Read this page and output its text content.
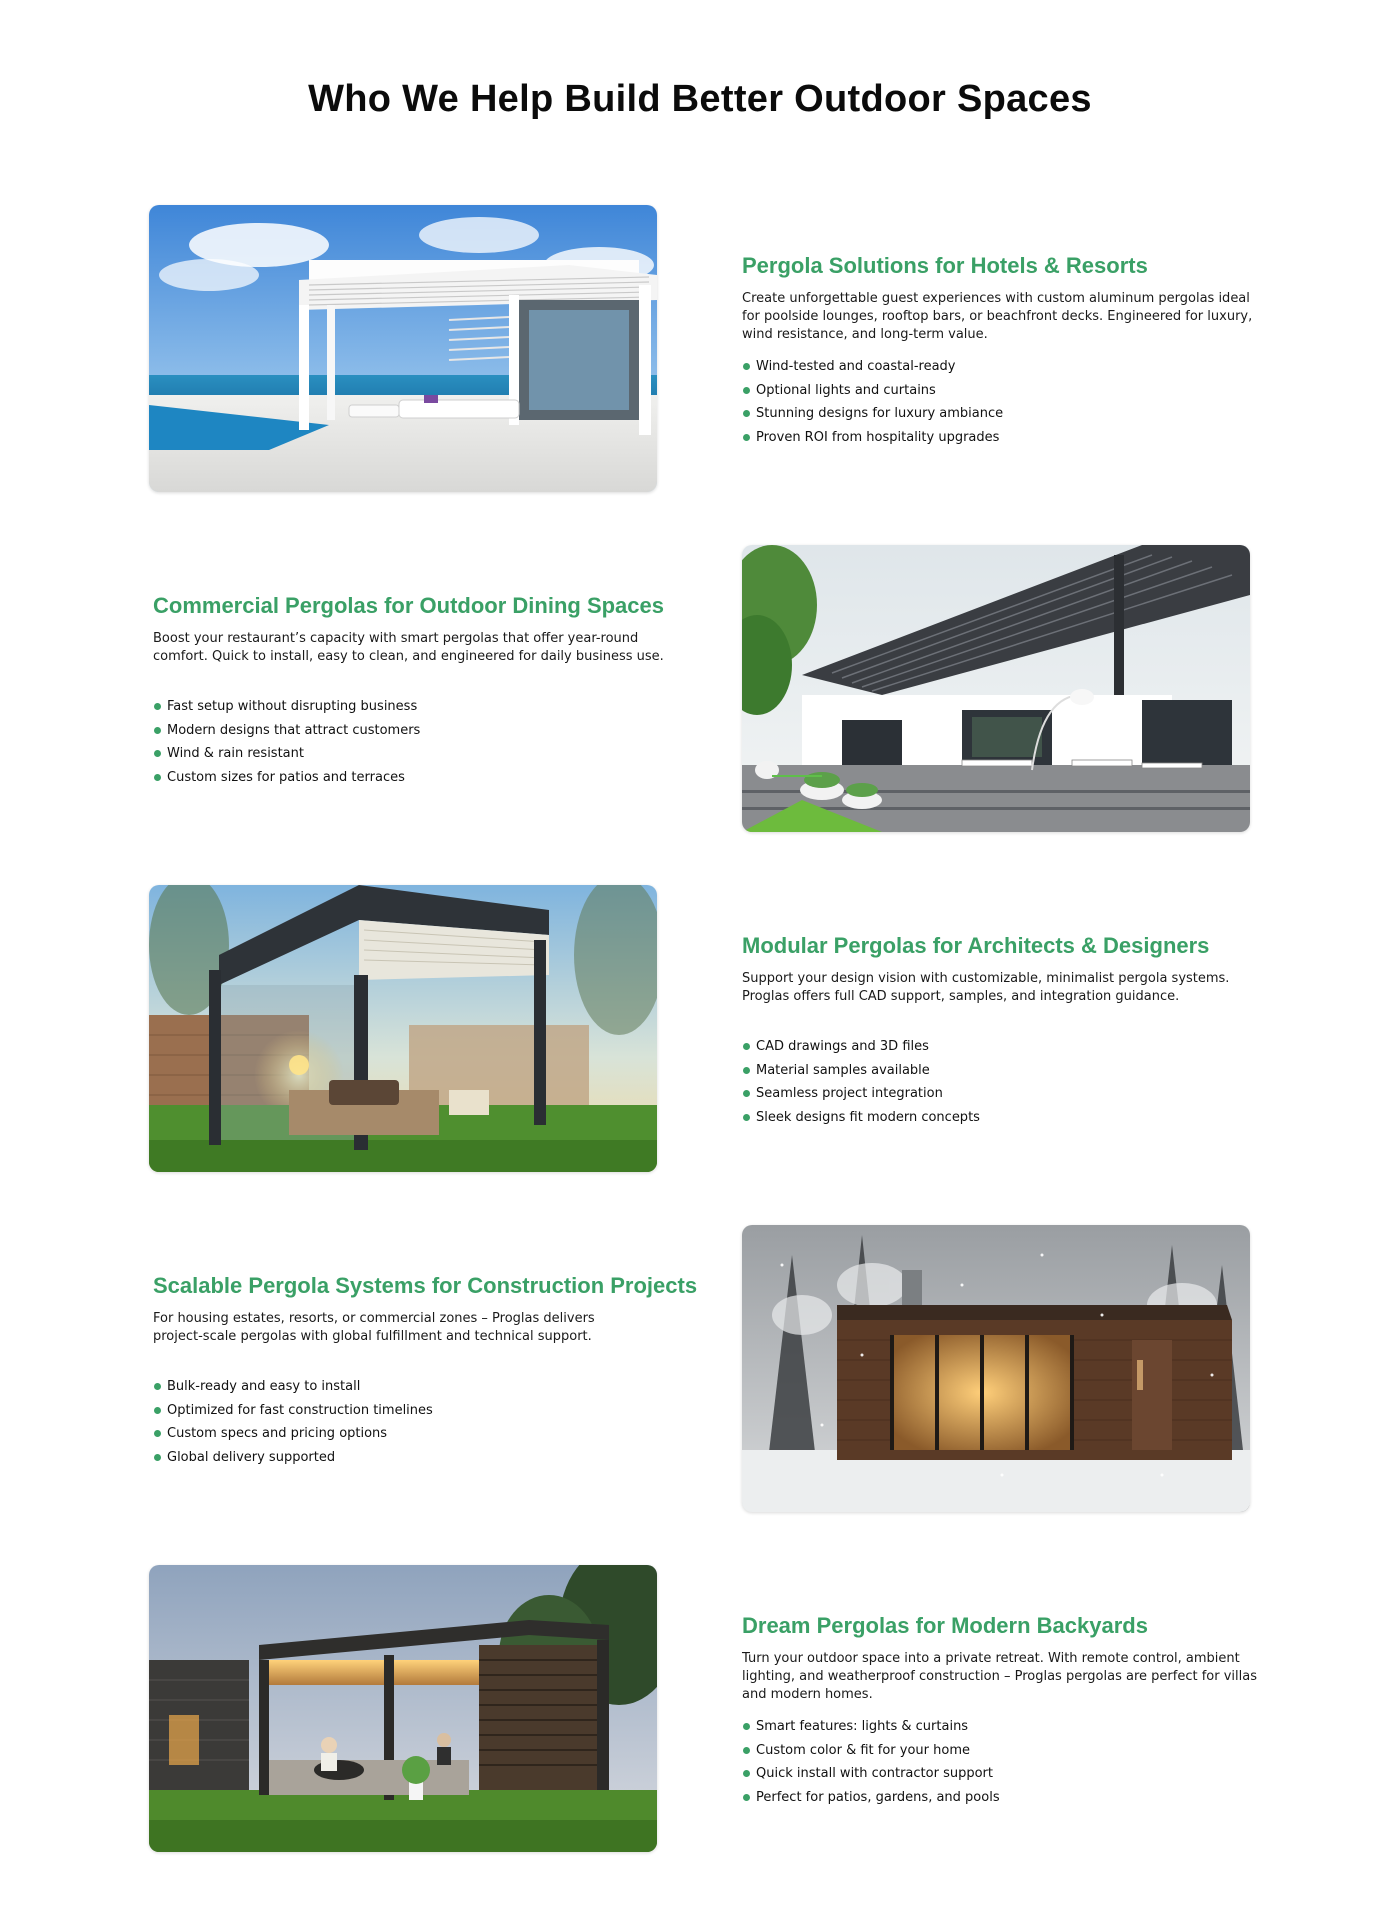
Who We Help Build Better Outdoor Spaces
Pergola Solutions for Hotels & Resorts

Create unforgettable guest experiences with custom aluminum pergolas ideal for poolside lounges, rooftop bars, or beachfront decks. Engineered for luxury, wind resistance, and long-term value.

Wind-tested and coastal-ready
Optional lights and curtains
Stunning designs for luxury ambiance
Proven ROI from hospitality upgrades
Commercial Pergolas for Outdoor Dining Spaces

Boost your restaurant’s capacity with smart pergolas that offer year-round comfort. Quick to install, easy to clean, and engineered for daily business use.

Fast setup without disrupting business
Modern designs that attract customers
Wind & rain resistant
Custom sizes for patios and terraces
Modular Pergolas for Architects & Designers

Support your design vision with customizable, minimalist pergola systems. Proglas offers full CAD support, samples, and integration guidance.

CAD drawings and 3D files
Material samples available
Seamless project integration
Sleek designs fit modern concepts
Scalable Pergola Systems for Construction Projects

For housing estates, resorts, or commercial zones – Proglas delivers project-scale pergolas with global fulfillment and technical support.

Bulk-ready and easy to install
Optimized for fast construction timelines
Custom specs and pricing options
Global delivery supported
Dream Pergolas for Modern Backyards

Turn your outdoor space into a private retreat. With remote control, ambient lighting, and weatherproof construction – Proglas pergolas are perfect for villas and modern homes.

Smart features: lights & curtains
Custom color & fit for your home
Quick install with contractor support
Perfect for patios, gardens, and pools
